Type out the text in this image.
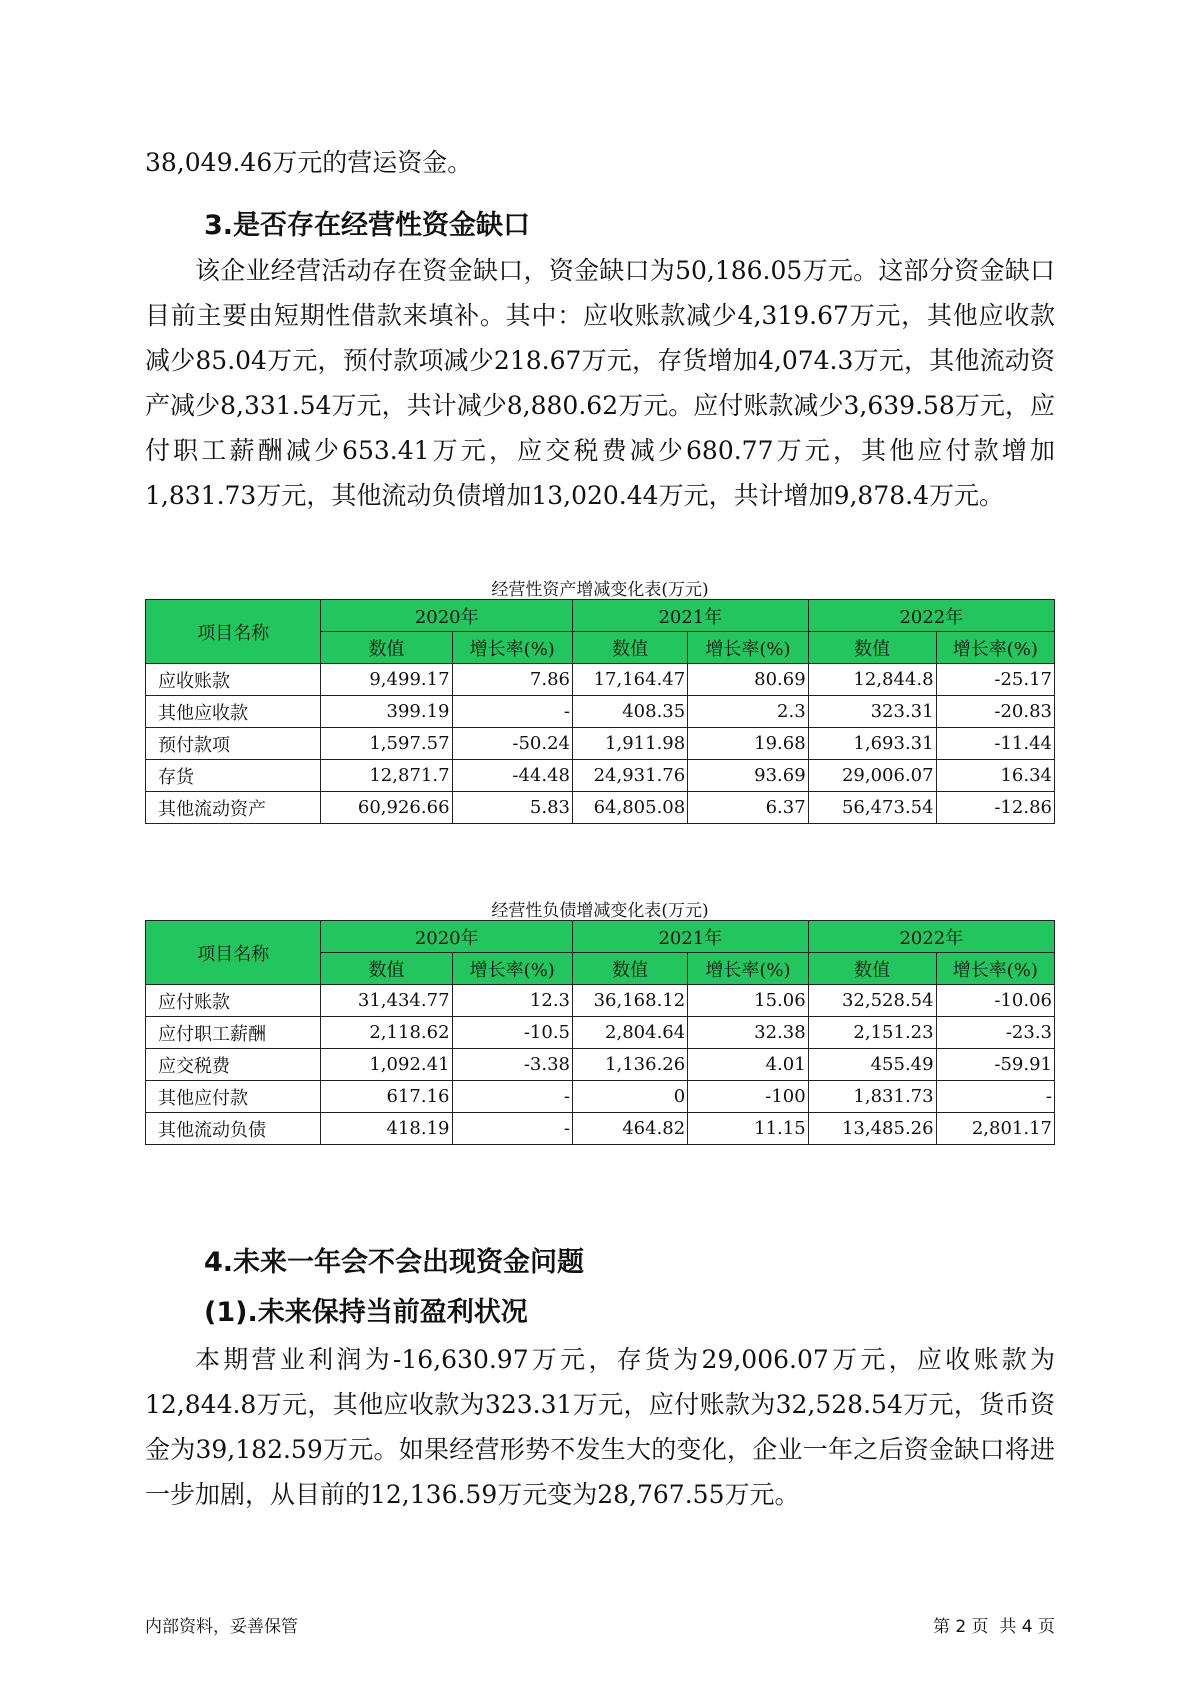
38,049.46万元的营运资金。

3.是否存在经营性资金缺口

该企业经营活动存在资金缺口，资金缺口为50,186.05万元。这部分资金缺口目前主要由短期性借款来填补。其中：应收账款减少4,319.67万元，其他应收款减少85.04万元，预付款项减少218.67万元，存货增加4,074.3万元，其他流动资产减少8,331.54万元，共计减少8,880.62万元。应付账款减少3,639.58万元，应付职工薪酬减少653.41万元，应交税费减少680.77万元，其他应付款增加1,831.73万元，其他流动负债增加13,020.44万元，共计增加9,878.4万元。

经营性资产增减变化表(万元)

项目名称	2020年		2021年		2022年	
	数值	增长率(%)	数值	增长率(%)	数值	增长率(%)
应收账款	9,499.17	7.86	17,164.47	80.69	12,844.8	-25.17
其他应收款	399.19	-	408.35	2.3	323.31	-20.83
预付款项	1,597.57	-50.24	1,911.98	19.68	1,693.31	-11.44
存货	12,871.7	-44.48	24,931.76	93.69	29,006.07	16.34
其他流动资产	60,926.66	5.83	64,805.08	6.37	56,473.54	-12.86

经营性负债增减变化表(万元)

项目名称	2020年		2021年		2022年	
	数值	增长率(%)	数值	增长率(%)	数值	增长率(%)
应付账款	31,434.77	12.3	36,168.12	15.06	32,528.54	-10.06
应付职工薪酬	2,118.62	-10.5	2,804.64	32.38	2,151.23	-23.3
应交税费	1,092.41	-3.38	1,136.26	4.01	455.49	-59.91
其他应付款	617.16	-	0	-100	1,831.73	-
其他流动负债	418.19	-	464.82	11.15	13,485.26	2,801.17
4.未来一年会不会出现资金问题
(1).未来保持当前盈利状况

本期营业利润为-16,630.97万元，存货为29,006.07万元，应收账款为12,844.8万元，其他应收款为323.31万元，应付账款为32,528.54万元，货币资金为39,182.59万元。如果经营形势不发生大的变化，企业一年之后资金缺口将进一步加剧，从目前的12,136.59万元变为28,767.55万元。

内部资料，妥善保管	第 2 页  共 4 页
